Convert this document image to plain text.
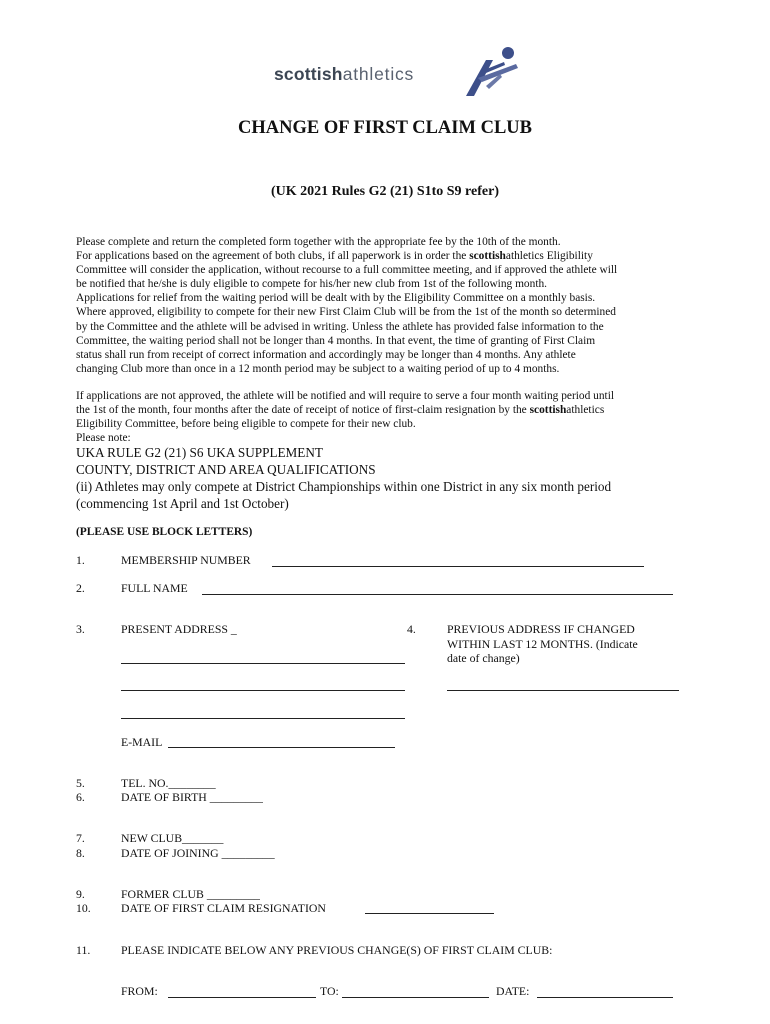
scottishathletics
CHANGE OF FIRST CLAIM CLUB
(UK 2021 Rules G2 (21) S1to S9 refer)
Please complete and return the completed form together with the appropriate fee by the 10th of the month.
For applications based on the agreement of both clubs, if all paperwork is in order the scottishathletics Eligibility
Committee will consider the application, without recourse to a full committee meeting, and if approved the athlete will
be notified that he/she is duly eligible to compete for his/her new club from 1st of the following month.
Applications for relief from the waiting period will be dealt with by the Eligibility Committee on a monthly basis.
Where approved, eligibility to compete for their new First Claim Club will be from the 1st of the month so determined
by the Committee and the athlete will be advised in writing. Unless the athlete has provided false information to the
Committee, the waiting period shall not be longer than 4 months. In that event, the time of granting of First Claim
status shall run from receipt of correct information and accordingly may be longer than 4 months. Any athlete
changing Club more than once in a 12 month period may be subject to a waiting period of up to 4 months.
If applications are not approved, the athlete will be notified and will require to serve a four month waiting period until
the 1st of the month, four months after the date of receipt of notice of first-claim resignation by the scottishathletics
Eligibility Committee, before being eligible to compete for their new club.
Please note:
UKA RULE G2 (21) S6 UKA SUPPLEMENT
COUNTY, DISTRICT AND AREA QUALIFICATIONS
(ii) Athletes may only compete at District Championships within one District in any six month period
(commencing 1st April and 1st October)
(PLEASE USE BLOCK LETTERS)
1.	MEMBERSHIP NUMBER
2.	FULL NAME
3.	PRESENT ADDRESS _	4.	PREVIOUS ADDRESS IF CHANGED
WITHIN LAST 12 MONTHS. (Indicate
date of change)
E-MAIL
5.	TEL. NO.________
6.	DATE OF BIRTH _________
7.	NEW CLUB_______
8.	DATE OF JOINING _________
9.	FORMER CLUB _________
10.	DATE OF FIRST CLAIM RESIGNATION
11.	PLEASE INDICATE BELOW ANY PREVIOUS CHANGE(S) OF FIRST CLAIM CLUB:
FROM:	TO:	DATE:
